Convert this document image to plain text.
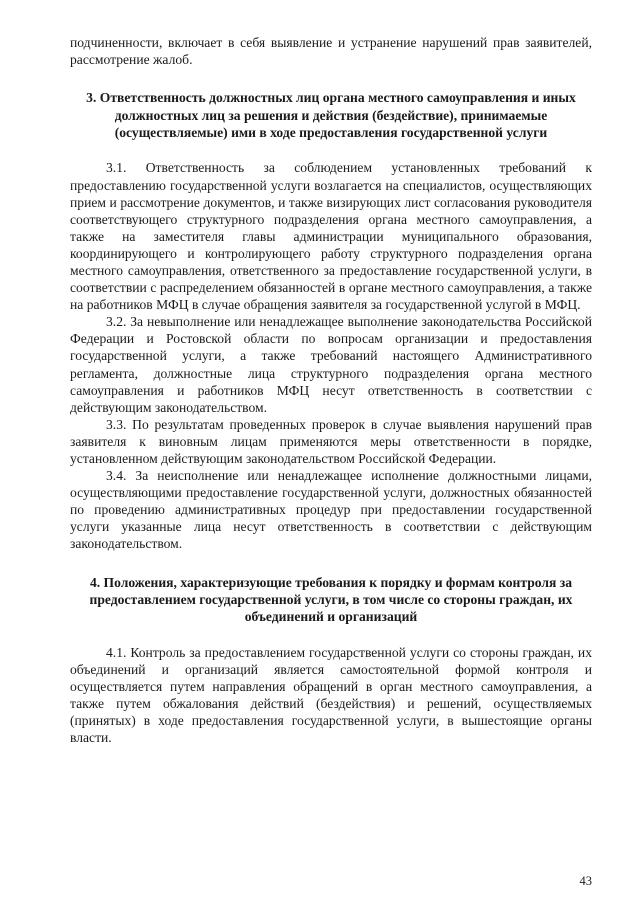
подчиненности, включает в себя выявление и устранение нарушений прав заявителей, рассмотрение жалоб.

3. Ответственность должностных лиц органа местного самоуправления и иных должностных лиц за решения и действия (бездействие), принимаемые (осуществляемые) ими в ходе предоставления государственной услуги

3.1. Ответственность за соблюдением установленных требований к предоставлению государственной услуги возлагается на специалистов, осуществляющих прием и рассмотрение документов, и также визирующих лист согласования руководителя соответствующего структурного подразделения органа местного самоуправления, а также на заместителя главы администрации муниципального образования, координирующего и контролирующего работу структурного подразделения органа местного самоуправления, ответственного за предоставление государственной услуги, в соответствии с распределением обязанностей в органе местного самоуправления, а также на работников МФЦ в случае обращения заявителя за государственной услугой в МФЦ.

3.2. За невыполнение или ненадлежащее выполнение законодательства Российской Федерации и Ростовской области по вопросам организации и предоставления государственной услуги, а также требований настоящего Административного регламента, должностные лица структурного подразделения органа местного самоуправления и работников МФЦ несут ответственность в соответствии с действующим законодательством.

3.3. По результатам проведенных проверок в случае выявления нарушений прав заявителя к виновным лицам применяются меры ответственности в порядке, установленном действующим законодательством Российской Федерации.

3.4. За неисполнение или ненадлежащее исполнение должностными лицами, осуществляющими предоставление государственной услуги, должностных обязанностей по проведению административных процедур при предоставлении государственной услуги указанные лица несут ответственность в соответствии с действующим законодательством.

4. Положения, характеризующие требования к порядку и формам контроля за предоставлением государственной услуги, в том числе со стороны граждан, их объединений и организаций

4.1. Контроль за предоставлением государственной услуги со стороны граждан, их объединений и организаций является самостоятельной формой контроля и осуществляется путем направления обращений в орган местного самоуправления, а также путем обжалования действий (бездействия) и решений, осуществляемых (принятых) в ходе предоставления государственной услуги, в вышестоящие органы власти.

43
